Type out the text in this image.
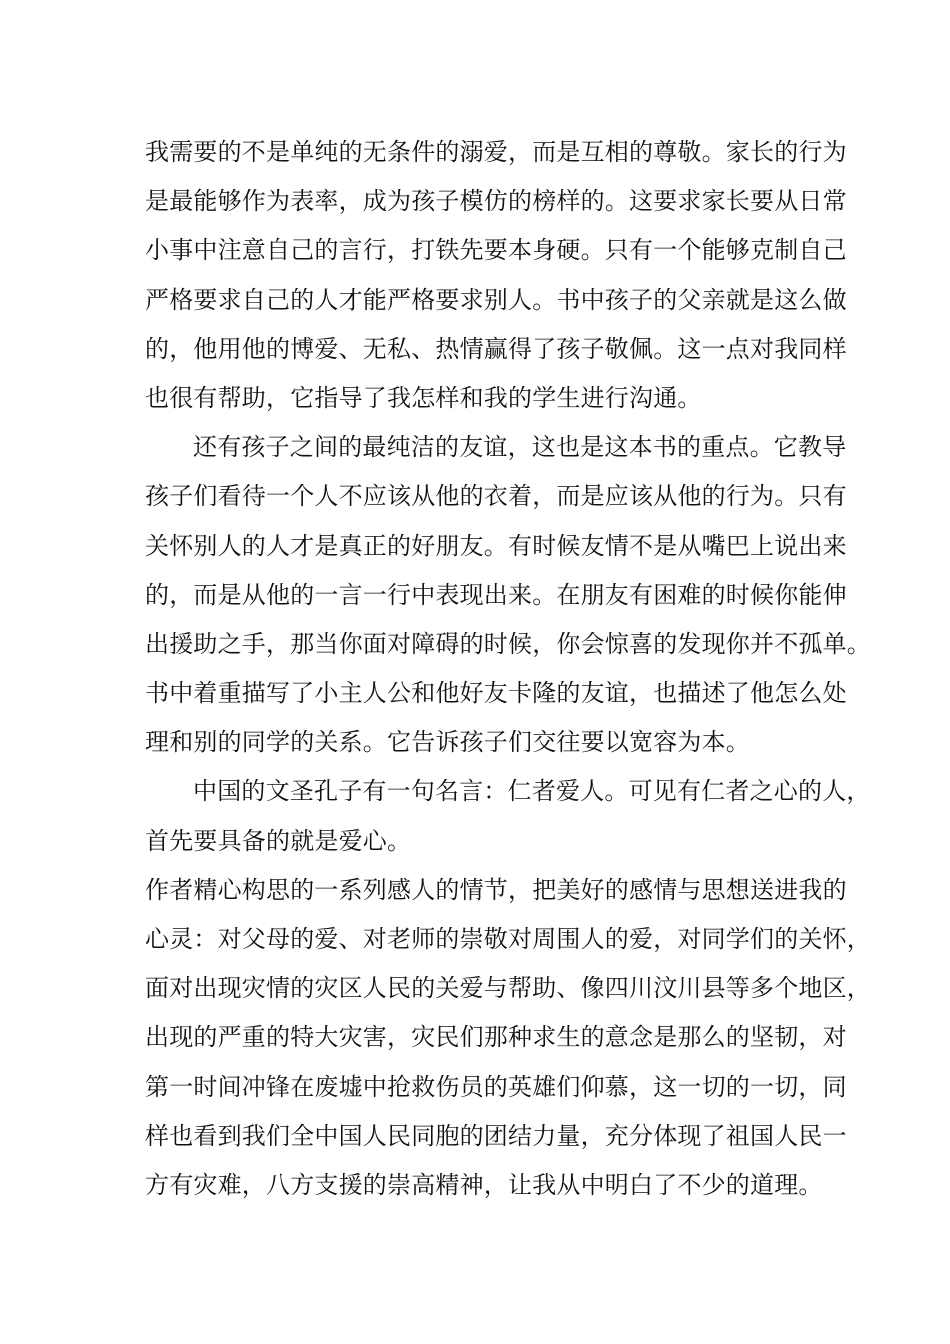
我需要的不是单纯的无条件的溺爱，而是互相的尊敬。家长的行为
是最能够作为表率，成为孩子模仿的榜样的。这要求家长要从日常
小事中注意自己的言行，打铁先要本身硬。只有一个能够克制自己
严格要求自己的人才能严格要求别人。书中孩子的父亲就是这么做
的，他用他的博爱、无私、热情赢得了孩子敬佩。这一点对我同样
也很有帮助，它指导了我怎样和我的学生进行沟通。
还有孩子之间的最纯洁的友谊，这也是这本书的重点。它教导
孩子们看待一个人不应该从他的衣着，而是应该从他的行为。只有
关怀别人的人才是真正的好朋友。有时候友情不是从嘴巴上说出来
的，而是从他的一言一行中表现出来。在朋友有困难的时候你能伸
出援助之手，那当你面对障碍的时候，你会惊喜的发现你并不孤单。
书中着重描写了小主人公和他好友卡隆的友谊，也描述了他怎么处
理和别的同学的关系。它告诉孩子们交往要以宽容为本。
中国的文圣孔子有一句名言：仁者爱人。可见有仁者之心的人，
首先要具备的就是爱心。
作者精心构思的一系列感人的情节，把美好的感情与思想送进我的
心灵：对父母的爱、对老师的崇敬对周围人的爱，对同学们的关怀，
面对出现灾情的灾区人民的关爱与帮助、像四川汶川县等多个地区，
出现的严重的特大灾害，灾民们那种求生的意念是那么的坚韧，对
第一时间冲锋在废墟中抢救伤员的英雄们仰慕，这一切的一切，同
样也看到我们全中国人民同胞的团结力量，充分体现了祖国人民一
方有灾难，八方支援的崇高精神，让我从中明白了不少的道理。
